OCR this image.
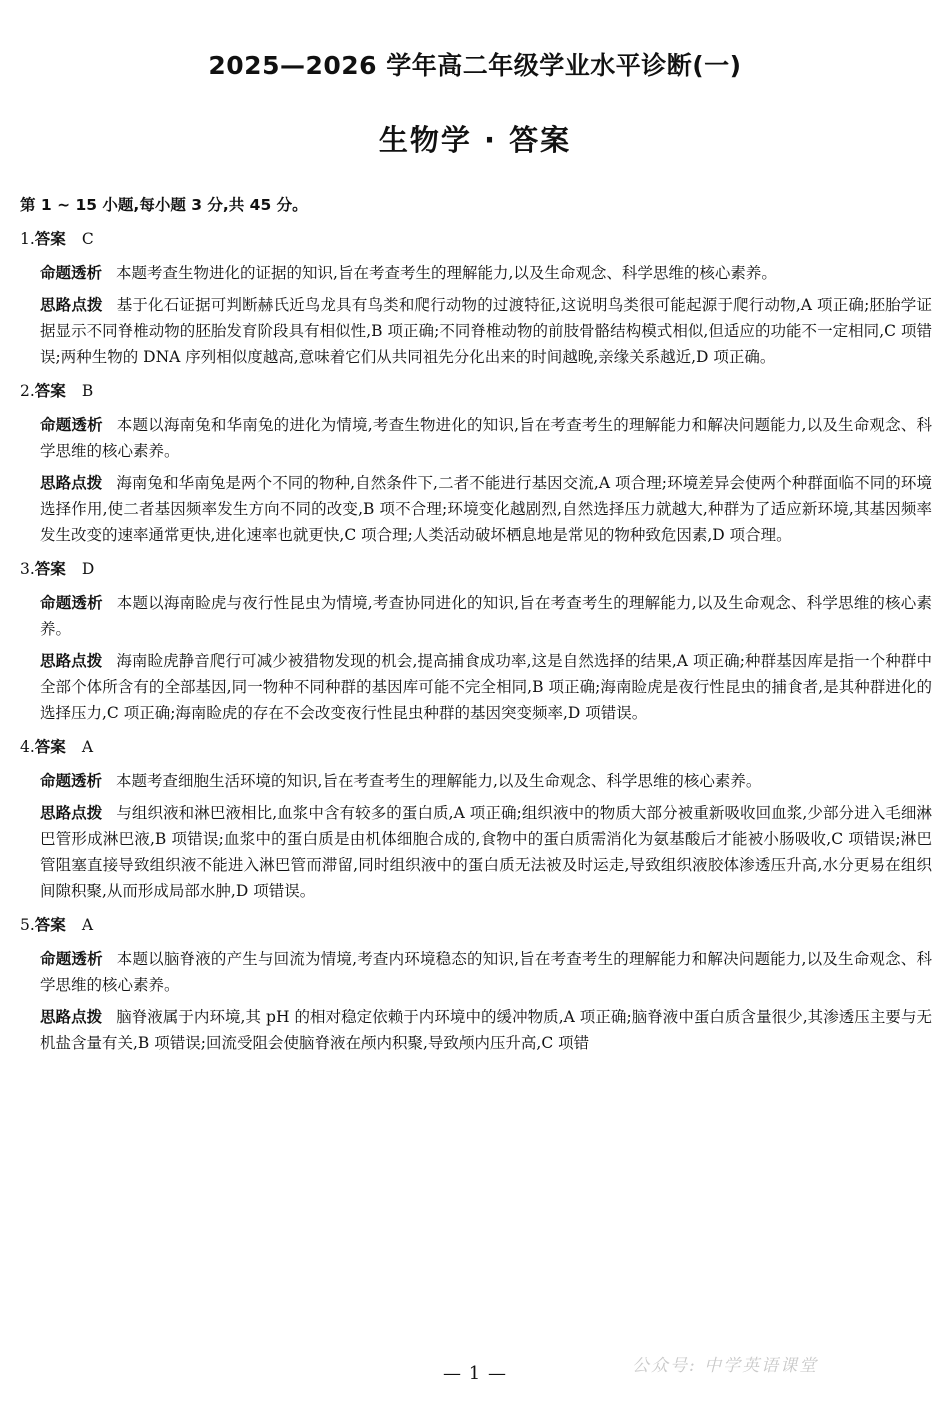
2025—2026 学年高二年级学业水平诊断(一)
生物学 · 答案
第 1 ~ 15 小题,每小题 3 分,共 45 分。
1.答案 C
命题透析 本题考查生物进化的证据的知识,旨在考查考生的理解能力,以及生命观念、科学思维的核心素养。
思路点拨 基于化石证据可判断赫氏近鸟龙具有鸟类和爬行动物的过渡特征,这说明鸟类很可能起源于爬行动物,A 项正确;胚胎学证据显示不同脊椎动物的胚胎发育阶段具有相似性,B 项正确;不同脊椎动物的前肢骨骼结构模式相似,但适应的功能不一定相同,C 项错误;两种生物的 DNA 序列相似度越高,意味着它们从共同祖先分化出来的时间越晚,亲缘关系越近,D 项正确。
2.答案 B
命题透析 本题以海南兔和华南兔的进化为情境,考查生物进化的知识,旨在考查考生的理解能力和解决问题能力,以及生命观念、科学思维的核心素养。
思路点拨 海南兔和华南兔是两个不同的物种,自然条件下,二者不能进行基因交流,A 项合理;环境差异会使两个种群面临不同的环境选择作用,使二者基因频率发生方向不同的改变,B 项不合理;环境变化越剧烈,自然选择压力就越大,种群为了适应新环境,其基因频率发生改变的速率通常更快,进化速率也就更快,C 项合理;人类活动破坏栖息地是常见的物种致危因素,D 项合理。
3.答案 D
命题透析 本题以海南睑虎与夜行性昆虫为情境,考查协同进化的知识,旨在考查考生的理解能力,以及生命观念、科学思维的核心素养。
思路点拨 海南睑虎静音爬行可减少被猎物发现的机会,提高捕食成功率,这是自然选择的结果,A 项正确;种群基因库是指一个种群中全部个体所含有的全部基因,同一物种不同种群的基因库可能不完全相同,B 项正确;海南睑虎是夜行性昆虫的捕食者,是其种群进化的选择压力,C 项正确;海南睑虎的存在不会改变夜行性昆虫种群的基因突变频率,D 项错误。
4.答案 A
命题透析 本题考查细胞生活环境的知识,旨在考查考生的理解能力,以及生命观念、科学思维的核心素养。
思路点拨 与组织液和淋巴液相比,血浆中含有较多的蛋白质,A 项正确;组织液中的物质大部分被重新吸收回血浆,少部分进入毛细淋巴管形成淋巴液,B 项错误;血浆中的蛋白质是由机体细胞合成的,食物中的蛋白质需消化为氨基酸后才能被小肠吸收,C 项错误;淋巴管阻塞直接导致组织液不能进入淋巴管而滞留,同时组织液中的蛋白质无法被及时运走,导致组织液胶体渗透压升高,水分更易在组织间隙积聚,从而形成局部水肿,D 项错误。
5.答案 A
命题透析 本题以脑脊液的产生与回流为情境,考查内环境稳态的知识,旨在考查考生的理解能力和解决问题能力,以及生命观念、科学思维的核心素养。
思路点拨 脑脊液属于内环境,其 pH 的相对稳定依赖于内环境中的缓冲物质,A 项正确;脑脊液中蛋白质含量很少,其渗透压主要与无机盐含量有关,B 项错误;回流受阻会使脑脊液在颅内积聚,导致颅内压升高,C 项错
公众号: 中学英语课堂
— 1 —
